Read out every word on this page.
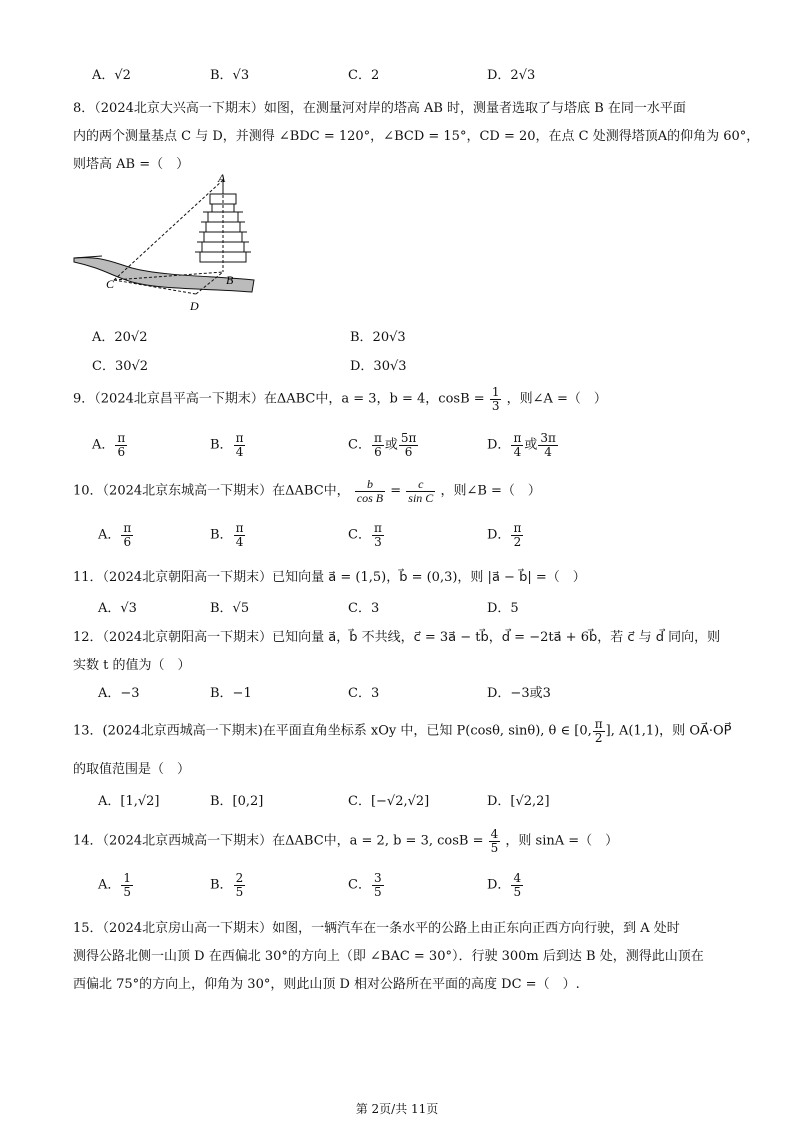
A．√2	B．√3	C．2	D．2√3
8．（2024北京大兴高一下期末）如图，在测量河对岸的塔高 AB 时，测量者选取了与塔底 B 在同一水平面
内的两个测量基点 C 与 D，并测得 ∠BDC = 120°，∠BCD = 15°，CD = 20，在点 C 处测得塔顶A的仰角为 60°，
则塔高 AB =（　）
A
B
C
D
A．20√2	B．20√3
C．30√2	D．30√3
9．（2024北京昌平高一下期末）在ΔABC中，a = 3，b = 4，$\cos B = \frac{1}{3}$ ，则∠A =（　）
A． $\frac{\pi}{6}$	B． $\frac{\pi}{4}$	C． $\frac{\pi}{6}$ 或 $\frac{5\pi}{6}$	D． $\frac{\pi}{4}$ 或 $\frac{3\pi}{4}$
10．（2024北京东城高一下期末）在ΔABC中， $\frac{b}{\text{cos B}} = \frac{c}{\text{sin C}}$ ，则∠B =（　）
A． $\frac{\pi}{6}$	B． $\frac{\pi}{4}$	C． $\frac{\pi}{3}$	D． $\frac{\pi}{2}$
11．（2024北京朝阳高一下期末）已知向量 a⃗ = (1,5)，b⃗ = (0,3)，则 |a⃗ − b⃗| =（　）
A．√3	B．√5	C．3	D．5
12．（2024北京朝阳高一下期末）已知向量 a⃗，b⃗ 不共线，c⃗ = 3a⃗ − tb⃗，d⃗ = −2ta⃗ + 6b⃗，若 c⃗ 与 d⃗ 同向，则
实数 t 的值为（　）
A．−3	B．−1	C．3	D．−3或3
13．(2024北京西城高一下期末)在平面直角坐标系 xOy 中，已知 P(cosθ, sinθ), θ ∈ [0, $\frac{\pi}{2}$ ], A(1,1)，则 OA⃗·OP⃗
的取值范围是（　）
A．[1,√2]	B．[0,2]	C．[−√2,√2]	D．[√2,2]
14．（2024北京西城高一下期末）在ΔABC中，a = 2, b = 3, $\cos B = \frac{4}{5}$ ，则 sinA =（　）
A． $\frac{1}{5}$	B． $\frac{2}{5}$	C． $\frac{3}{5}$	D． $\frac{4}{5}$
15．（2024北京房山高一下期末）如图，一辆汽车在一条水平的公路上由正东向正西方向行驶，到 A 处时
测得公路北侧一山顶 D 在西偏北 30°的方向上（即 ∠BAC = 30°）．行驶 300m 后到达 B 处，测得此山顶在
西偏北 75°的方向上，仰角为 30°，则此山顶 D 相对公路所在平面的高度 DC =（　）.
第 2页/共 11页
